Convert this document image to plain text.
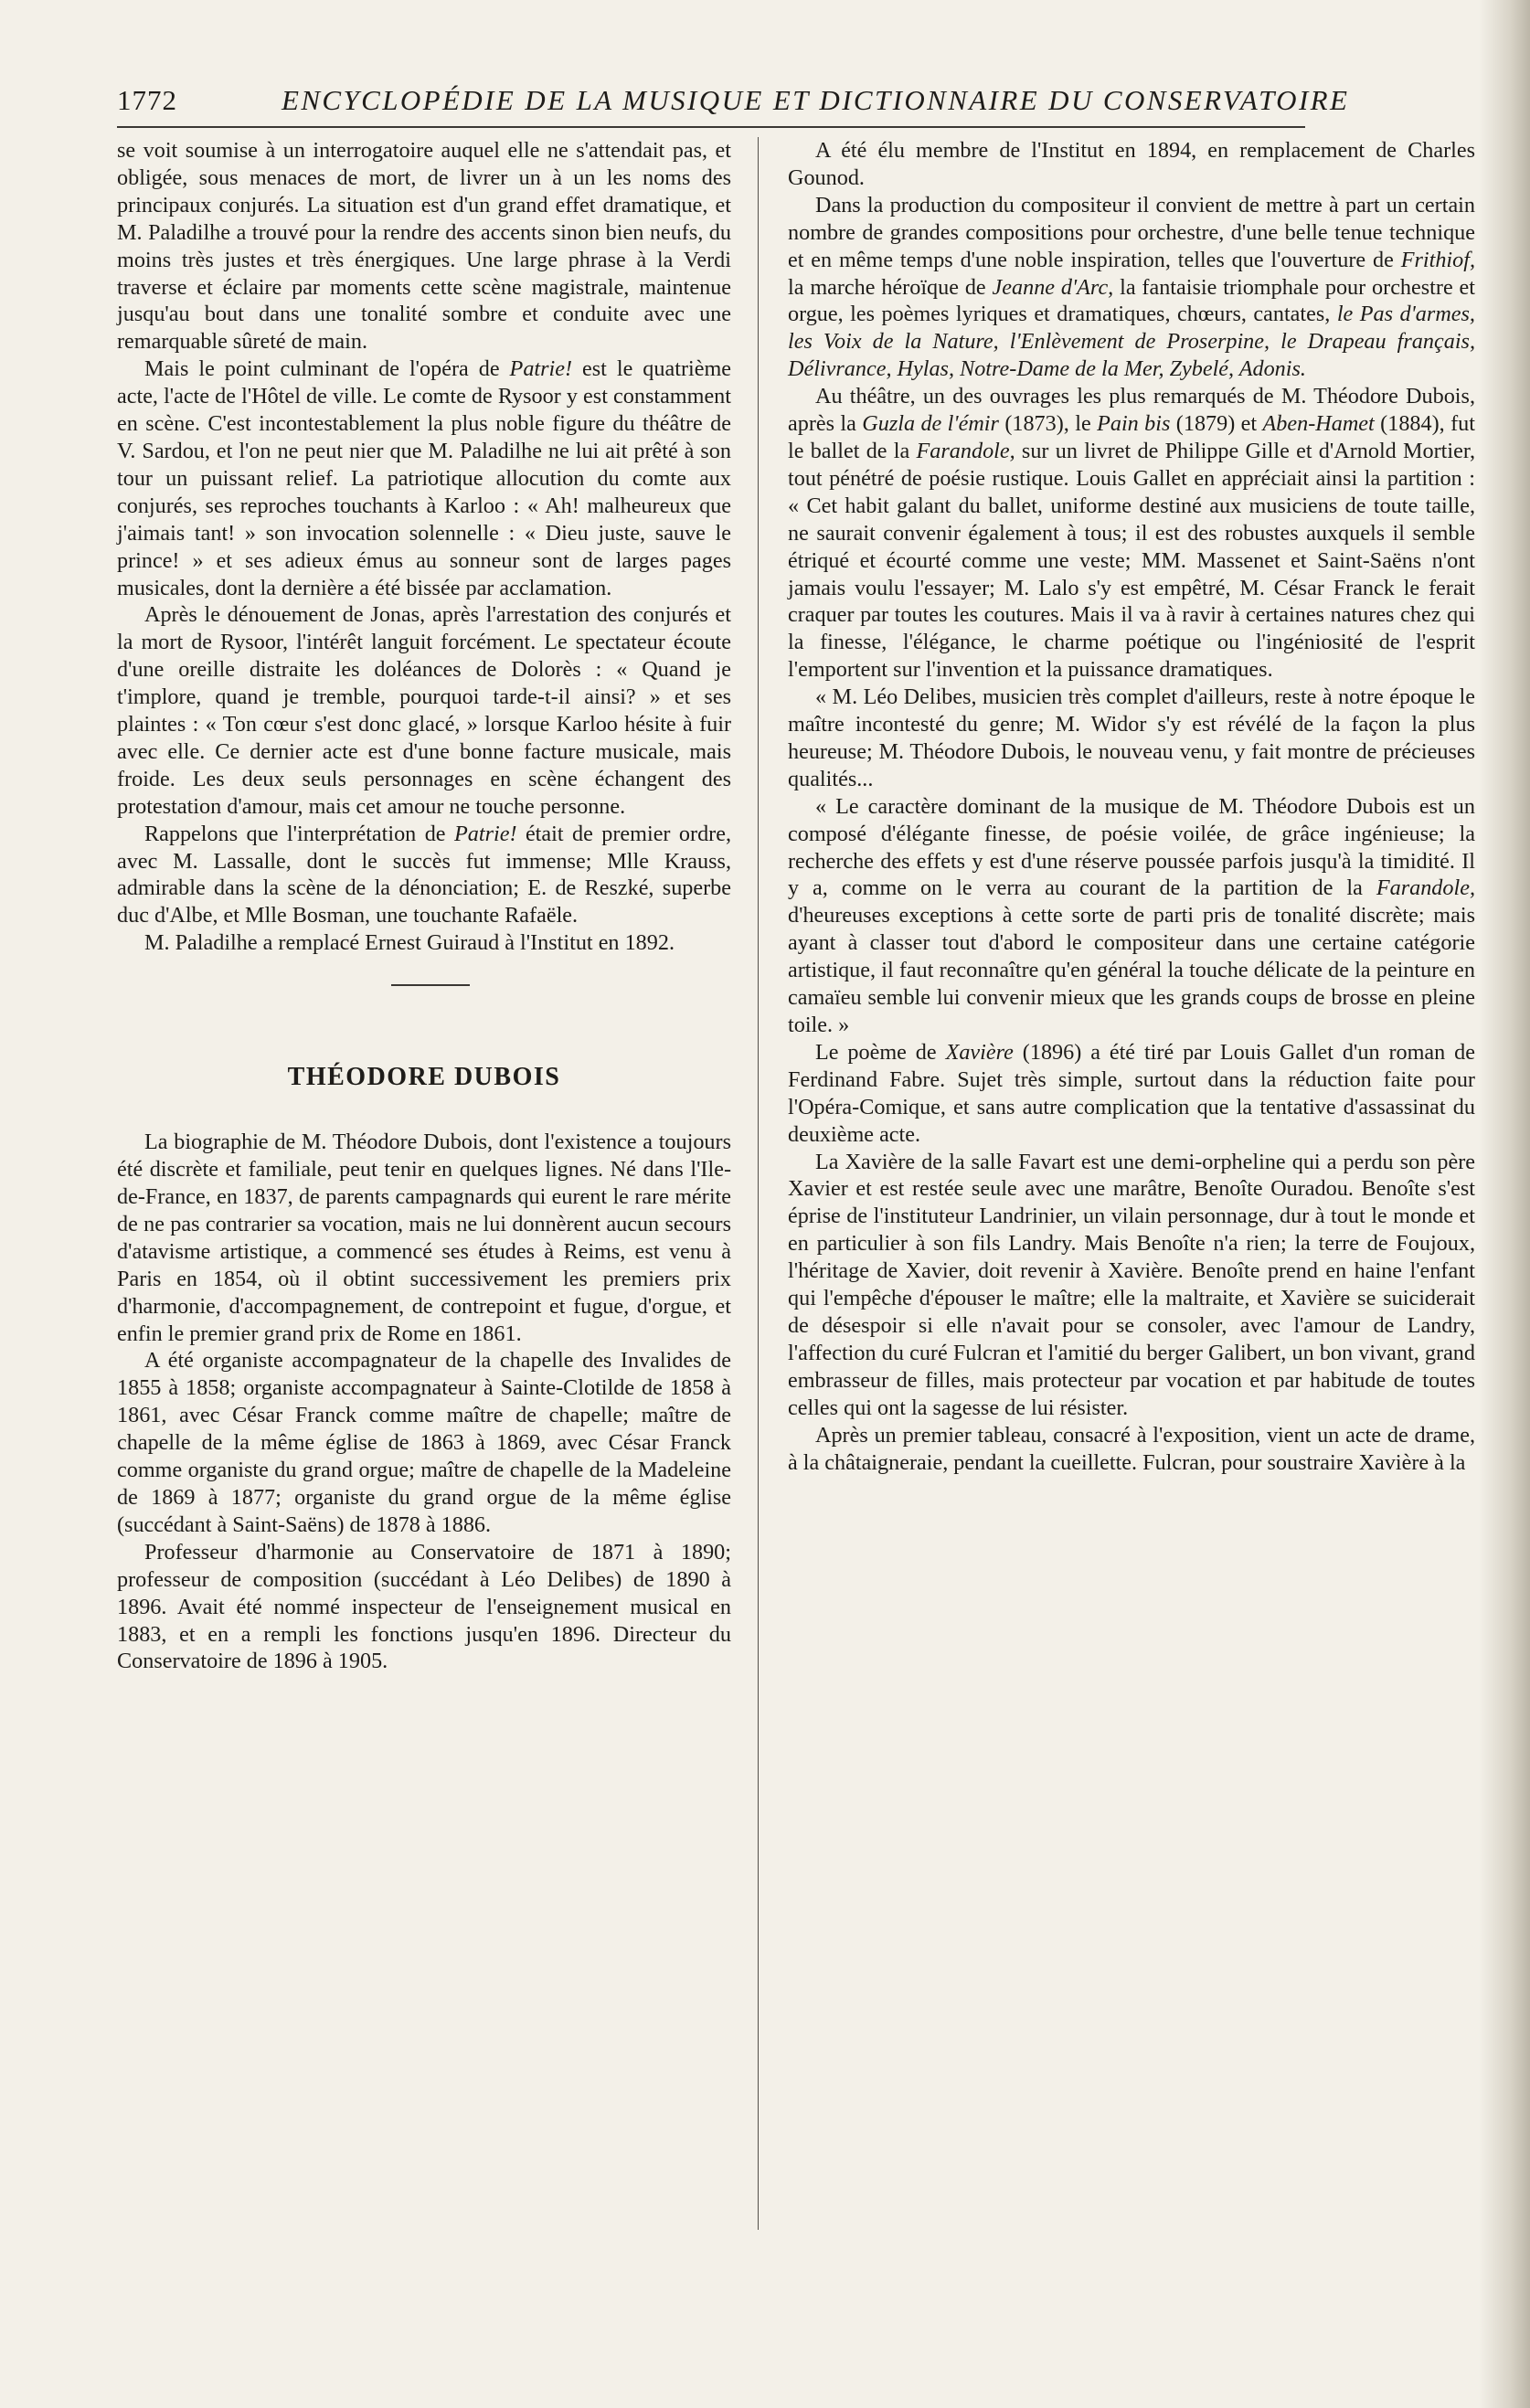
1772	ENCYCLOPÉDIE DE LA MUSIQUE ET DICTIONNAIRE DU CONSERVATOIRE

se voit soumise à un interrogatoire auquel elle ne s'attendait pas, et obligée, sous menaces de mort, de livrer un à un les noms des principaux conjurés. La situation est d'un grand effet dramatique, et M. Paladilhe a trouvé pour la rendre des accents sinon bien neufs, du moins très justes et très énergiques. Une large phrase à la Verdi traverse et éclaire par moments cette scène magistrale, maintenue jusqu'au bout dans une tonalité sombre et conduite avec une remarquable sûreté de main.

Mais le point culminant de l'opéra de Patrie! est le quatrième acte, l'acte de l'Hôtel de ville. Le comte de Rysoor y est constamment en scène. C'est incontestablement la plus noble figure du théâtre de V. Sardou, et l'on ne peut nier que M. Paladilhe ne lui ait prêté à son tour un puissant relief. La patriotique allocution du comte aux conjurés, ses reproches touchants à Karloo : « Ah! malheureux que j'aimais tant! » son invocation solennelle : « Dieu juste, sauve le prince! » et ses adieux émus au sonneur sont de larges pages musicales, dont la dernière a été bissée par acclamation.

Après le dénouement de Jonas, après l'arrestation des conjurés et la mort de Rysoor, l'intérêt languit forcément. Le spectateur écoute d'une oreille distraite les doléances de Dolorès : « Quand je t'implore, quand je tremble, pourquoi tarde-t-il ainsi? » et ses plaintes : « Ton cœur s'est donc glacé, » lorsque Karloo hésite à fuir avec elle. Ce dernier acte est d'une bonne facture musicale, mais froide. Les deux seuls personnages en scène échangent des protestation d'amour, mais cet amour ne touche personne.

Rappelons que l'interprétation de Patrie! était de premier ordre, avec M. Lassalle, dont le succès fut immense; Mlle Krauss, admirable dans la scène de la dénonciation; E. de Reszké, superbe duc d'Albe, et Mlle Bosman, une touchante Rafaële.

M. Paladilhe a remplacé Ernest Guiraud à l'Institut en 1892.

THÉODORE DUBOIS

La biographie de M. Théodore Dubois, dont l'existence a toujours été discrète et familiale, peut tenir en quelques lignes. Né dans l'Ile-de-France, en 1837, de parents campagnards qui eurent le rare mérite de ne pas contrarier sa vocation, mais ne lui donnèrent aucun secours d'atavisme artistique, a commencé ses études à Reims, est venu à Paris en 1854, où il obtint successivement les premiers prix d'harmonie, d'accompagnement, de contrepoint et fugue, d'orgue, et enfin le premier grand prix de Rome en 1861.

A été organiste accompagnateur de la chapelle des Invalides de 1855 à 1858; organiste accompagnateur à Sainte-Clotilde de 1858 à 1861, avec César Franck comme maître de chapelle; maître de chapelle de la même église de 1863 à 1869, avec César Franck comme organiste du grand orgue; maître de chapelle de la Madeleine de 1869 à 1877; organiste du grand orgue de la même église (succédant à Saint-Saëns) de 1878 à 1886.

Professeur d'harmonie au Conservatoire de 1871 à 1890; professeur de composition (succédant à Léo Delibes) de 1890 à 1896. Avait été nommé inspecteur de l'enseignement musical en 1883, et en a rempli les fonctions jusqu'en 1896. Directeur du Conservatoire de 1896 à 1905.

A été élu membre de l'Institut en 1894, en remplacement de Charles Gounod.

Dans la production du compositeur il convient de mettre à part un certain nombre de grandes compositions pour orchestre, d'une belle tenue technique et en même temps d'une noble inspiration, telles que l'ouverture de Frithiof, la marche héroïque de Jeanne d'Arc, la fantaisie triomphale pour orchestre et orgue, les poèmes lyriques et dramatiques, chœurs, cantates, le Pas d'armes, les Voix de la Nature, l'Enlèvement de Proserpine, le Drapeau français, Délivrance, Hylas, Notre-Dame de la Mer, Zybelé, Adonis.

Au théâtre, un des ouvrages les plus remarqués de M. Théodore Dubois, après la Guzla de l'émir (1873), le Pain bis (1879) et Aben-Hamet (1884), fut le ballet de la Farandole, sur un livret de Philippe Gille et d'Arnold Mortier, tout pénétré de poésie rustique. Louis Gallet en appréciait ainsi la partition : « Cet habit galant du ballet, uniforme destiné aux musiciens de toute taille, ne saurait convenir également à tous; il est des robustes auxquels il semble étriqué et écourté comme une veste; MM. Massenet et Saint-Saëns n'ont jamais voulu l'essayer; M. Lalo s'y est empêtré, M. César Franck le ferait craquer par toutes les coutures. Mais il va à ravir à certaines natures chez qui la finesse, l'élégance, le charme poétique ou l'ingéniosité de l'esprit l'emportent sur l'invention et la puissance dramatiques.

« M. Léo Delibes, musicien très complet d'ailleurs, reste à notre époque le maître incontesté du genre; M. Widor s'y est révélé de la façon la plus heureuse; M. Théodore Dubois, le nouveau venu, y fait montre de précieuses qualités...

« Le caractère dominant de la musique de M. Théodore Dubois est un composé d'élégante finesse, de poésie voilée, de grâce ingénieuse; la recherche des effets y est d'une réserve poussée parfois jusqu'à la timidité. Il y a, comme on le verra au courant de la partition de la Farandole, d'heureuses exceptions à cette sorte de parti pris de tonalité discrète; mais ayant à classer tout d'abord le compositeur dans une certaine catégorie artistique, il faut reconnaître qu'en général la touche délicate de la peinture en camaïeu semble lui convenir mieux que les grands coups de brosse en pleine toile. »

Le poème de Xavière (1896) a été tiré par Louis Gallet d'un roman de Ferdinand Fabre. Sujet très simple, surtout dans la réduction faite pour l'Opéra-Comique, et sans autre complication que la tentative d'assassinat du deuxième acte.

La Xavière de la salle Favart est une demi-orpheline qui a perdu son père Xavier et est restée seule avec une marâtre, Benoîte Ouradou. Benoîte s'est éprise de l'instituteur Landrinier, un vilain personnage, dur à tout le monde et en particulier à son fils Landry. Mais Benoîte n'a rien; la terre de Foujoux, l'héritage de Xavier, doit revenir à Xavière. Benoîte prend en haine l'enfant qui l'empêche d'épouser le maître; elle la maltraite, et Xavière se suiciderait de désespoir si elle n'avait pour se consoler, avec l'amour de Landry, l'affection du curé Fulcran et l'amitié du berger Galibert, un bon vivant, grand embrasseur de filles, mais protecteur par vocation et par habitude de toutes celles qui ont la sagesse de lui résister.

Après un premier tableau, consacré à l'exposition, vient un acte de drame, à la châtaigneraie, pendant la cueillette. Fulcran, pour soustraire Xavière à la
